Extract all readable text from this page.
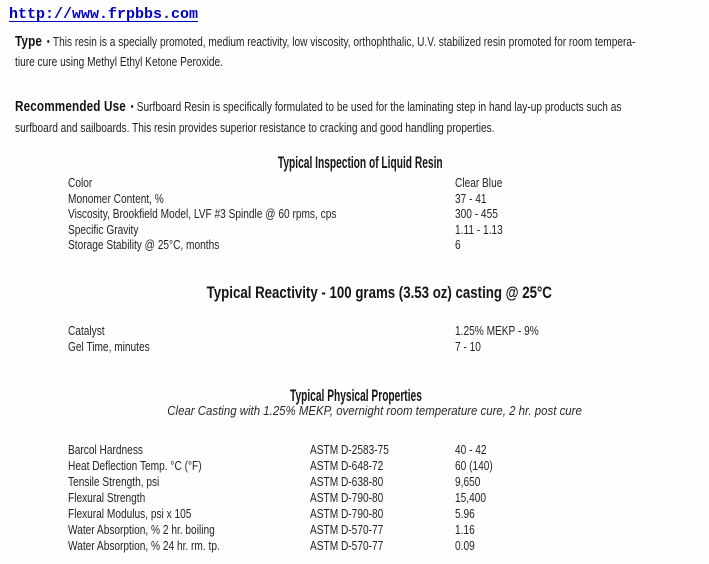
http://www.frpbbs.com
Type • This resin is a specially promoted, medium reactivity, low viscosity, orthophthalic, U.V. stabilized resin promoted for room tempera-
tiure cure using Methyl Ethyl Ketone Peroxide.
Recommended Use • Surfboard Resin is specifically formulated to be used for the laminating step in hand lay-up products such as
surfboard and sailboards. This resin provides superior resistance to cracking and good handling properties.
Typical Inspection of Liquid Resin
Color	Clear Blue
Monomer Content, %	37 - 41
Viscosity, Brookfield Model, LVF #3 Spindle @ 60 rpms, cps	300 - 455
Specific Gravity	1.11 - 1.13
Storage Stability @ 25°C, months	6
Typical Reactivity - 100 grams (3.53 oz) casting @ 25°C
Catalyst	1.25% MEKP - 9%
Gel Time, minutes	7 - 10
Typical Physical Properties
Clear Casting with 1.25% MEKP, overnight room temperature cure, 2 hr. post cure
Barcol Hardness	ASTM D-2583-75	40 - 42
Heat Deflection Temp. °C (°F)	ASTM D-648-72	60 (140)
Tensile Strength, psi	ASTM D-638-80	9,650
Flexural Strength	ASTM D-790-80	15,400
Flexural Modulus, psi x 105	ASTM D-790-80	5.96
Water Absorption, % 2 hr. boiling	ASTM D-570-77	1.16
Water Absorption, % 24 hr. rm. tp.	ASTM D-570-77	0.09
